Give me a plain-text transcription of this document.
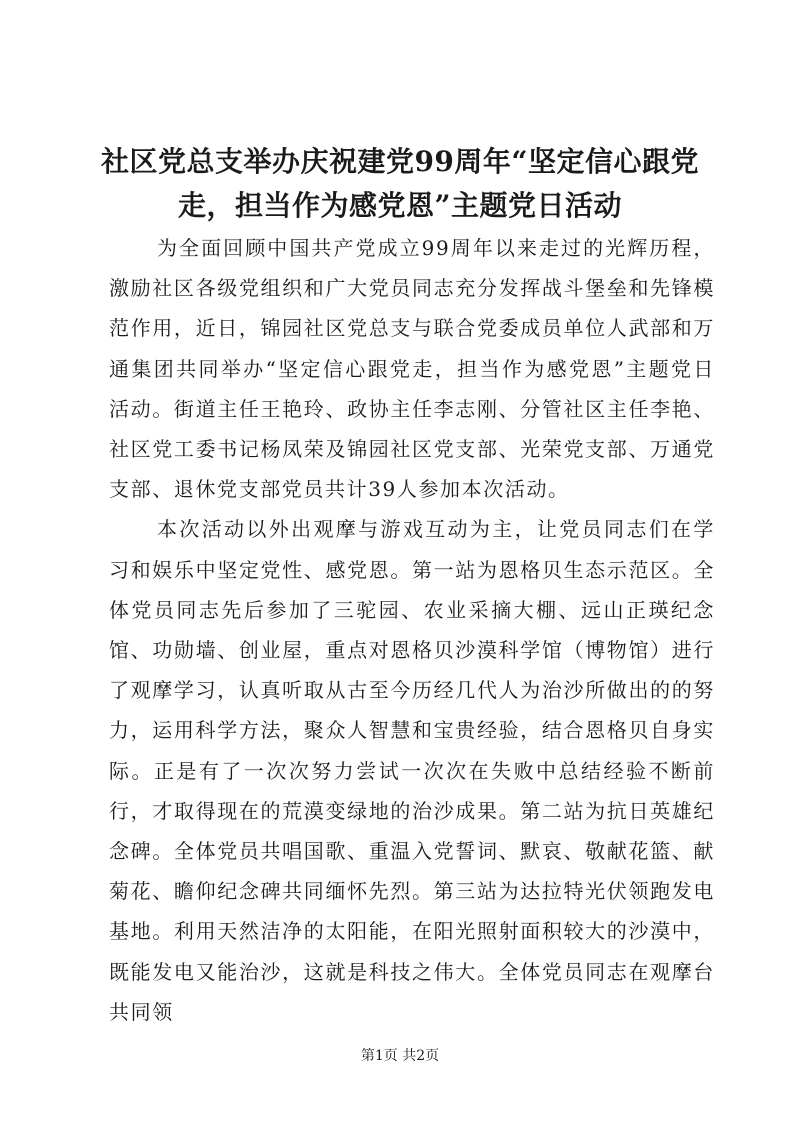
社区党总支举办庆祝建党99周年“坚定信心跟党走，担当作为感党恩”主题党日活动

为全面回顾中国共产党成立99周年以来走过的光辉历程，激励社区各级党组织和广大党员同志充分发挥战斗堡垒和先锋模范作用，近日，锦园社区党总支与联合党委成员单位人武部和万通集团共同举办“坚定信心跟党走，担当作为感党恩”主题党日活动。街道主任王艳玲、政协主任李志刚、分管社区主任李艳、社区党工委书记杨凤荣及锦园社区党支部、光荣党支部、万通党支部、退休党支部党员共计39人参加本次活动。

本次活动以外出观摩与游戏互动为主，让党员同志们在学习和娱乐中坚定党性、感党恩。第一站为恩格贝生态示范区。全体党员同志先后参加了三驼园、农业采摘大棚、远山正瑛纪念馆、功勋墙、创业屋，重点对恩格贝沙漠科学馆（博物馆）进行了观摩学习，认真听取从古至今历经几代人为治沙所做出的的努力，运用科学方法，聚众人智慧和宝贵经验，结合恩格贝自身实际。正是有了一次次努力尝试一次次在失败中总结经验不断前行，才取得现在的荒漠变绿地的治沙成果。第二站为抗日英雄纪念碑。全体党员共唱国歌、重温入党誓词、默哀、敬献花篮、献菊花、瞻仰纪念碑共同缅怀先烈。第三站为达拉特光伏领跑发电基地。利用天然洁净的太阳能，在阳光照射面积较大的沙漠中，既能发电又能治沙，这就是科技之伟大。全体党员同志在观摩台共同领

第1页 共2页
